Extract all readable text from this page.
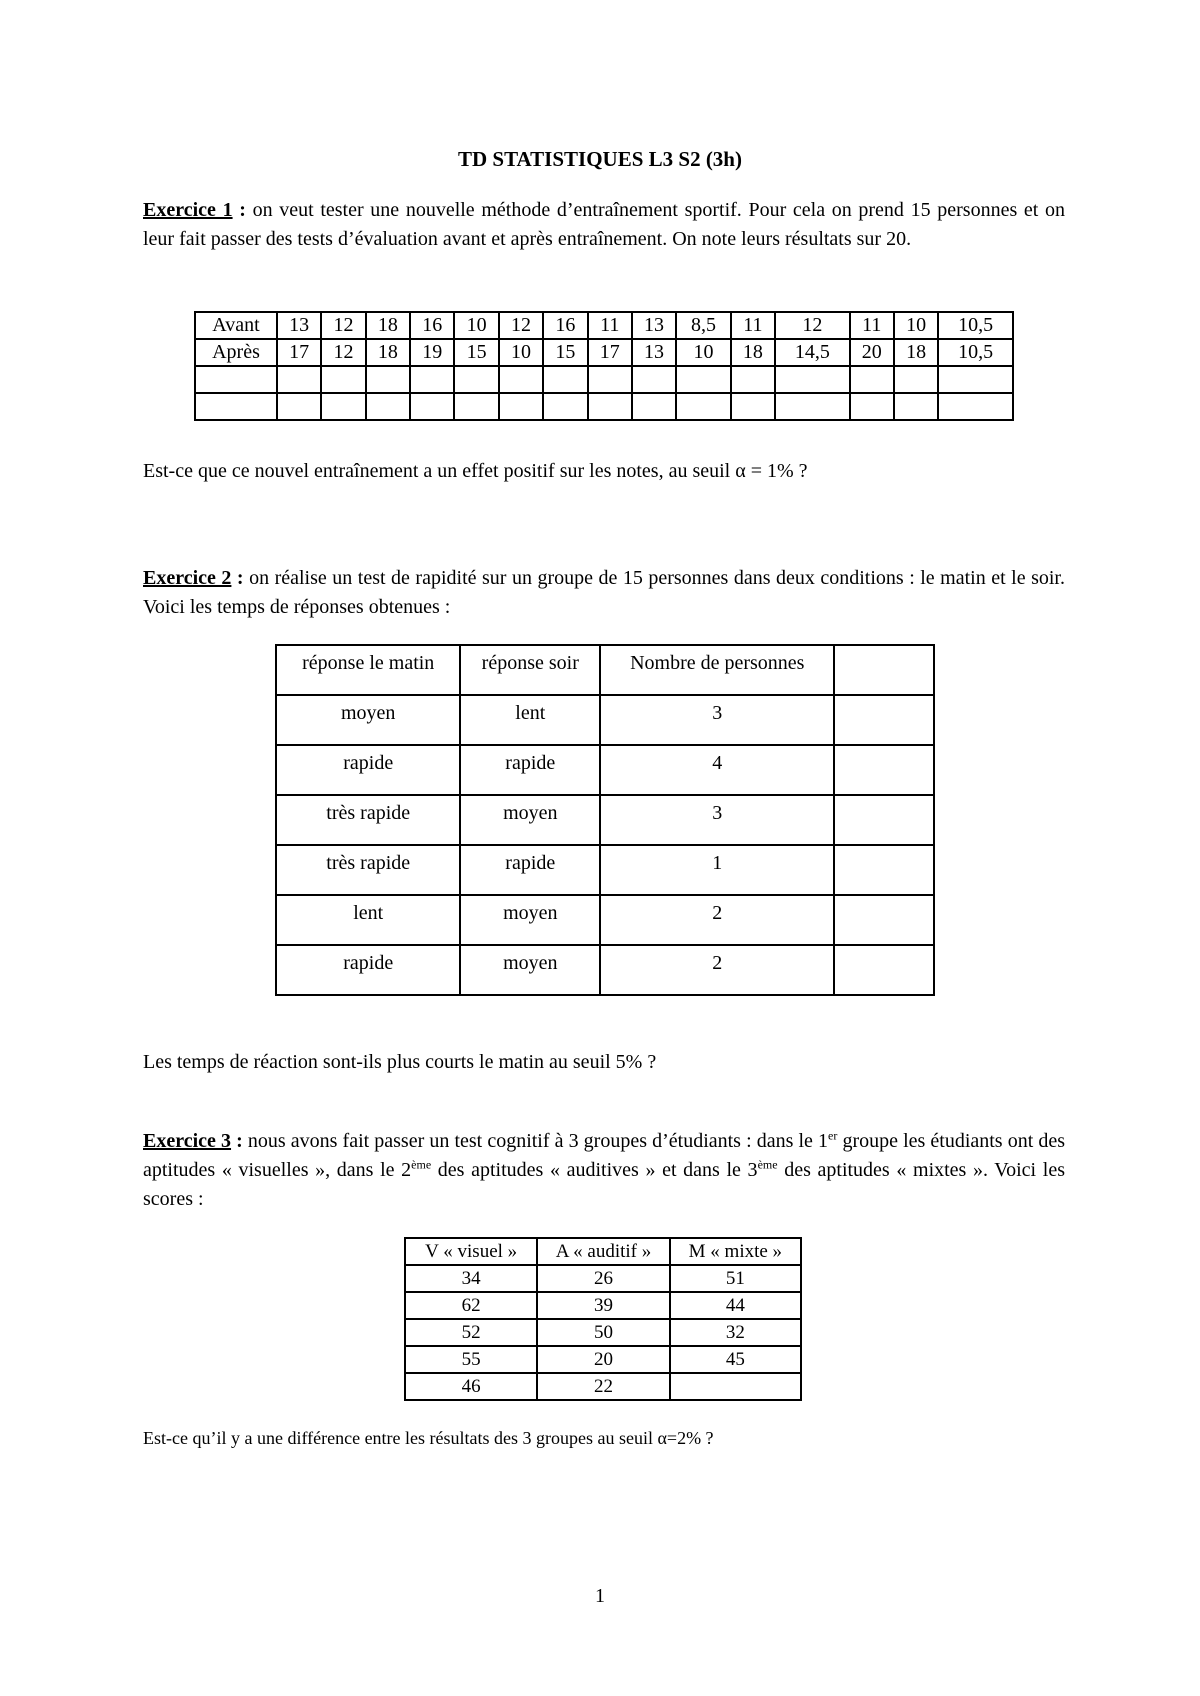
TD STATISTIQUES L3 S2 (3h)
Exercice 1 : on veut tester une nouvelle méthode d’entraînement sportif. Pour cela on prend 15 personnes et on leur fait passer des tests d’évaluation avant et après entraînement. On note leurs résultats sur 20.
Avant	13	12	18	16	10	12	16	11	13	8,5	11	12	11	10	10,5
Après	17	12	18	19	15	10	15	17	13	10	18	14,5	20	18	10,5

Est-ce que ce nouvel entraînement a un effet positif sur les notes, au seuil α = 1% ?
Exercice 2 : on réalise un test de rapidité sur un groupe de 15 personnes dans deux conditions : le matin et le soir. Voici les temps de réponses obtenues :
réponse le matin	réponse soir	Nombre de personnes	
moyen	lent	3	
rapide	rapide	4	
très rapide	moyen	3	
très rapide	rapide	1	
lent	moyen	2	
rapide	moyen	2	
Les temps de réaction sont-ils plus courts le matin au seuil 5% ?
Exercice 3 : nous avons fait passer un test cognitif à 3 groupes d’étudiants : dans le 1er groupe les étudiants ont des aptitudes « visuelles », dans le 2ème des aptitudes « auditives » et dans le 3ème des aptitudes « mixtes ». Voici les scores :
V « visuel »	A « auditif »	M « mixte »
34	26	51
62	39	44
52	50	32
55	20	45
46	22	
Est-ce qu’il y a une différence entre les résultats des 3 groupes au seuil α=2% ?
1
